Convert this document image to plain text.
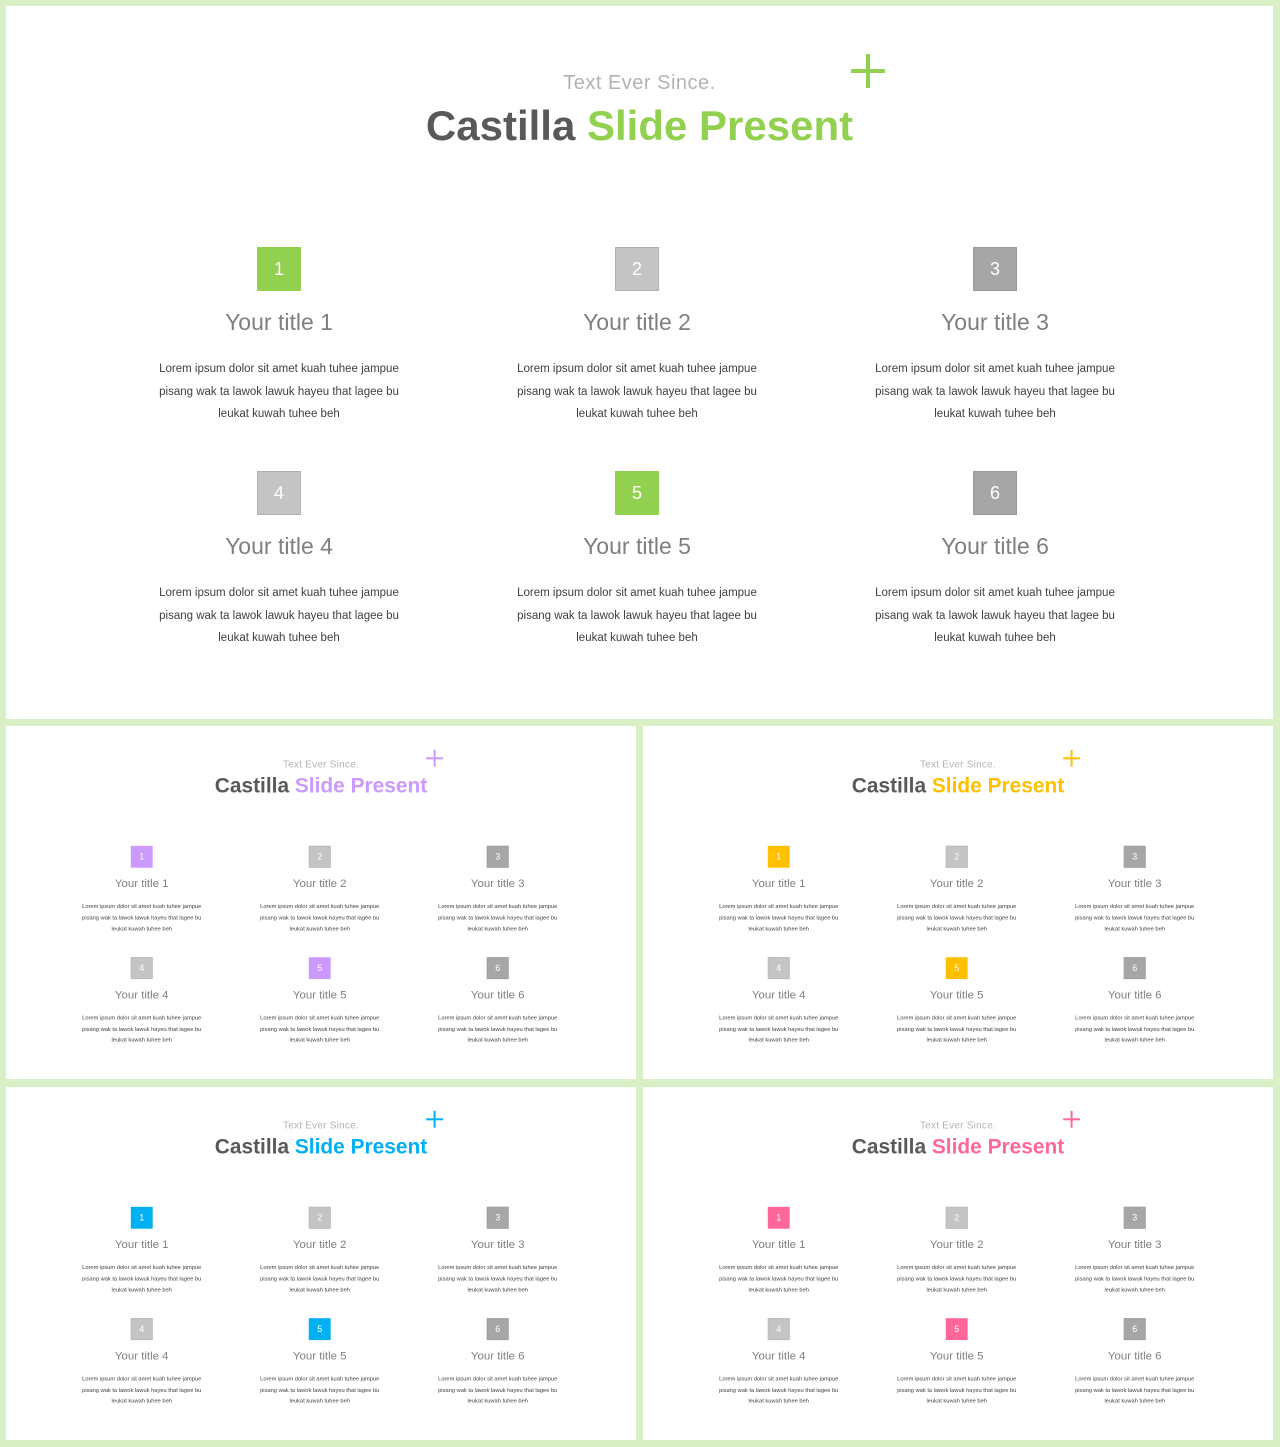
Text Ever Since.
Castilla Slide Present
1
Your title 1
Lorem ipsum dolor sit amet kuah tuhee jampue pisang wak ta lawok lawuk hayeu that lagee bu leukat kuwah tuhee beh
2
Your title 2
Lorem ipsum dolor sit amet kuah tuhee jampue pisang wak ta lawok lawuk hayeu that lagee bu leukat kuwah tuhee beh
3
Your title 3
Lorem ipsum dolor sit amet kuah tuhee jampue pisang wak ta lawok lawuk hayeu that lagee bu leukat kuwah tuhee beh
4
Your title 4
Lorem ipsum dolor sit amet kuah tuhee jampue pisang wak ta lawok lawuk hayeu that lagee bu leukat kuwah tuhee beh
5
Your title 5
Lorem ipsum dolor sit amet kuah tuhee jampue pisang wak ta lawok lawuk hayeu that lagee bu leukat kuwah tuhee beh
6
Your title 6
Lorem ipsum dolor sit amet kuah tuhee jampue pisang wak ta lawok lawuk hayeu that lagee bu leukat kuwah tuhee beh
Text Ever Since.
Castilla Slide Present
1
Your title 1
Lorem ipsum dolor sit amet kuah tuhee jampue pisang wak ta lawok lawuk hayeu that lagee bu leukat kuwah tuhee beh
2
Your title 2
Lorem ipsum dolor sit amet kuah tuhee jampue pisang wak ta lawok lawuk hayeu that lagee bu leukat kuwah tuhee beh
3
Your title 3
Lorem ipsum dolor sit amet kuah tuhee jampue pisang wak ta lawok lawuk hayeu that lagee bu leukat kuwah tuhee beh
4
Your title 4
Lorem ipsum dolor sit amet kuah tuhee jampue pisang wak ta lawok lawuk hayeu that lagee bu leukat kuwah tuhee beh
5
Your title 5
Lorem ipsum dolor sit amet kuah tuhee jampue pisang wak ta lawok lawuk hayeu that lagee bu leukat kuwah tuhee beh
6
Your title 6
Lorem ipsum dolor sit amet kuah tuhee jampue pisang wak ta lawok lawuk hayeu that lagee bu leukat kuwah tuhee beh
Text Ever Since.
Castilla Slide Present
1
Your title 1
Lorem ipsum dolor sit amet kuah tuhee jampue pisang wak ta lawok lawuk hayeu that lagee bu leukat kuwah tuhee beh
2
Your title 2
Lorem ipsum dolor sit amet kuah tuhee jampue pisang wak ta lawok lawuk hayeu that lagee bu leukat kuwah tuhee beh
3
Your title 3
Lorem ipsum dolor sit amet kuah tuhee jampue pisang wak ta lawok lawuk hayeu that lagee bu leukat kuwah tuhee beh
4
Your title 4
Lorem ipsum dolor sit amet kuah tuhee jampue pisang wak ta lawok lawuk hayeu that lagee bu leukat kuwah tuhee beh
5
Your title 5
Lorem ipsum dolor sit amet kuah tuhee jampue pisang wak ta lawok lawuk hayeu that lagee bu leukat kuwah tuhee beh
6
Your title 6
Lorem ipsum dolor sit amet kuah tuhee jampue pisang wak ta lawok lawuk hayeu that lagee bu leukat kuwah tuhee beh
Text Ever Since.
Castilla Slide Present
1
Your title 1
Lorem ipsum dolor sit amet kuah tuhee jampue pisang wak ta lawok lawuk hayeu that lagee bu leukat kuwah tuhee beh
2
Your title 2
Lorem ipsum dolor sit amet kuah tuhee jampue pisang wak ta lawok lawuk hayeu that lagee bu leukat kuwah tuhee beh
3
Your title 3
Lorem ipsum dolor sit amet kuah tuhee jampue pisang wak ta lawok lawuk hayeu that lagee bu leukat kuwah tuhee beh
4
Your title 4
Lorem ipsum dolor sit amet kuah tuhee jampue pisang wak ta lawok lawuk hayeu that lagee bu leukat kuwah tuhee beh
5
Your title 5
Lorem ipsum dolor sit amet kuah tuhee jampue pisang wak ta lawok lawuk hayeu that lagee bu leukat kuwah tuhee beh
6
Your title 6
Lorem ipsum dolor sit amet kuah tuhee jampue pisang wak ta lawok lawuk hayeu that lagee bu leukat kuwah tuhee beh
Text Ever Since.
Castilla Slide Present
1
Your title 1
Lorem ipsum dolor sit amet kuah tuhee jampue pisang wak ta lawok lawuk hayeu that lagee bu leukat kuwah tuhee beh
2
Your title 2
Lorem ipsum dolor sit amet kuah tuhee jampue pisang wak ta lawok lawuk hayeu that lagee bu leukat kuwah tuhee beh
3
Your title 3
Lorem ipsum dolor sit amet kuah tuhee jampue pisang wak ta lawok lawuk hayeu that lagee bu leukat kuwah tuhee beh
4
Your title 4
Lorem ipsum dolor sit amet kuah tuhee jampue pisang wak ta lawok lawuk hayeu that lagee bu leukat kuwah tuhee beh
5
Your title 5
Lorem ipsum dolor sit amet kuah tuhee jampue pisang wak ta lawok lawuk hayeu that lagee bu leukat kuwah tuhee beh
6
Your title 6
Lorem ipsum dolor sit amet kuah tuhee jampue pisang wak ta lawok lawuk hayeu that lagee bu leukat kuwah tuhee beh
